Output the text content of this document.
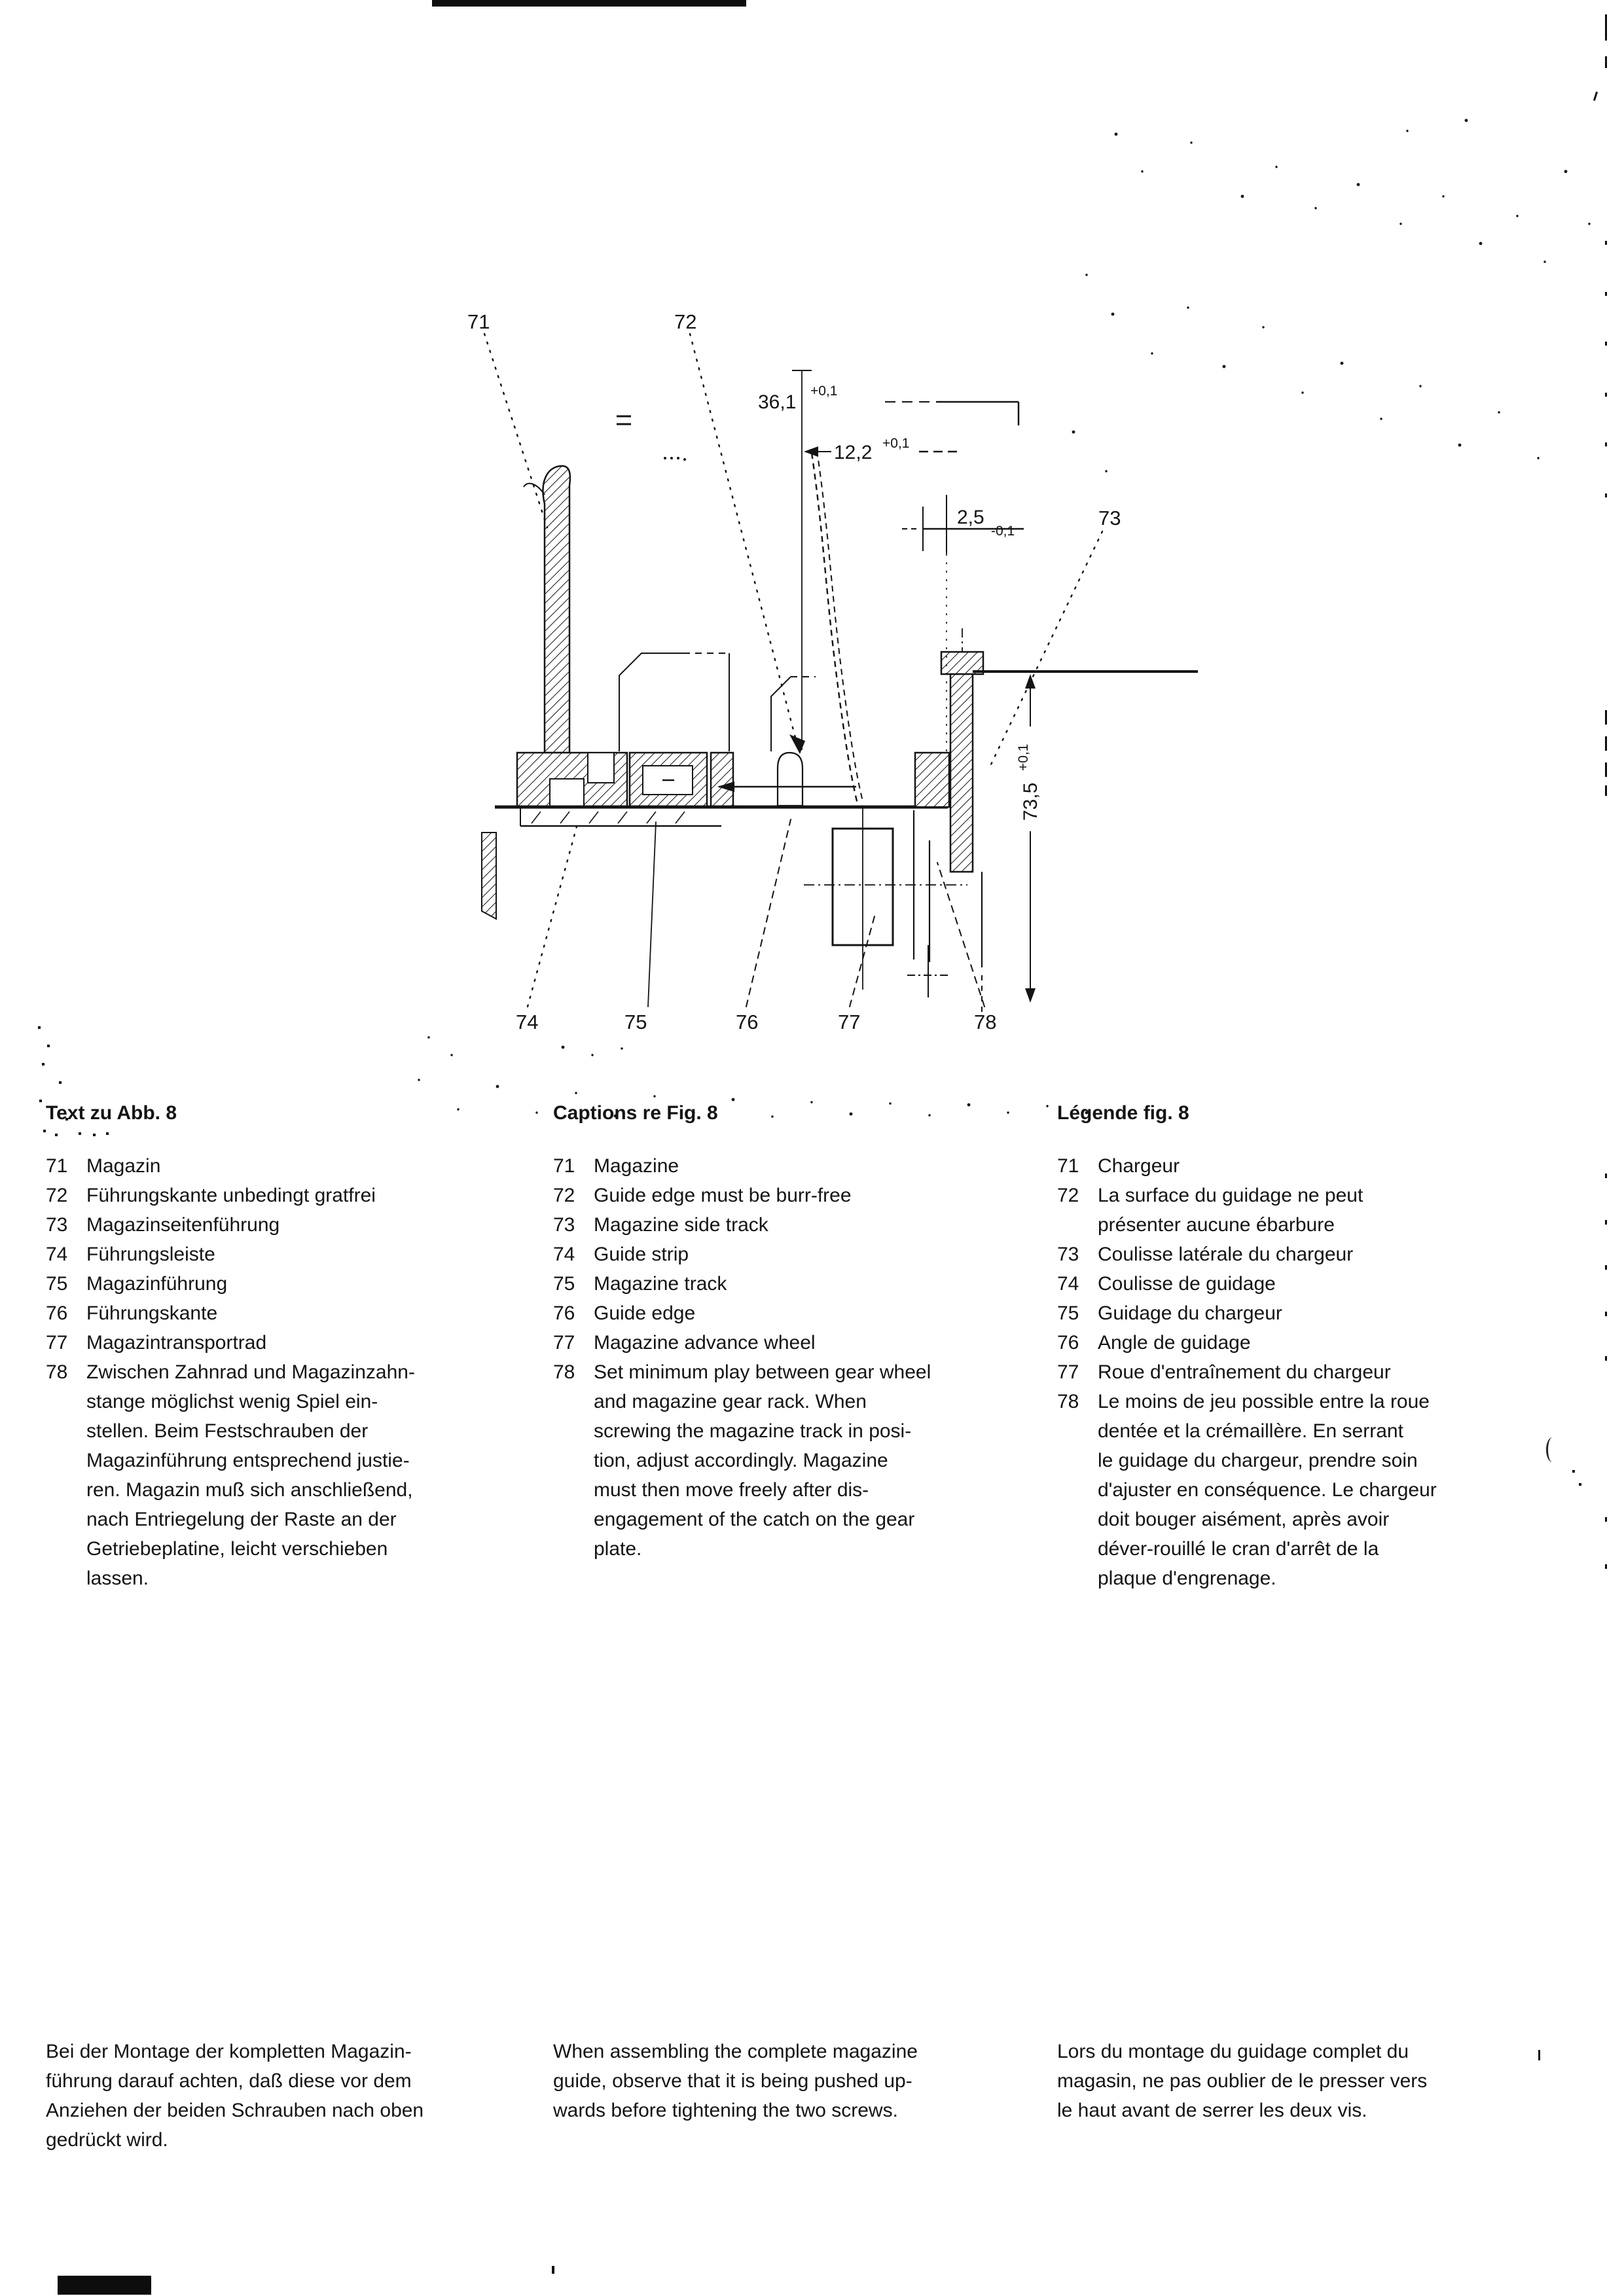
36,1
+0,1
12,2 +0,1
2,5
-0,1
73,5
+0,1
71	72
73
74	75	76	77	78
Text zu Abb. 8
71 Magazin
72 Führungskante unbedingt gratfrei
73 Magazinseitenführung
74 Führungsleiste
75 Magazinführung
76 Führungskante
77 Magazintransportrad
78 Zwischen Zahnrad und Magazinzahn-
stange möglichst wenig Spiel ein-
stellen. Beim Festschrauben der
Magazinführung entsprechend justie-
ren. Magazin muß sich anschließend,
nach Entriegelung der Raste an der
Getriebeplatine, leicht verschieben
lassen.
Bei der Montage der kompletten Magazin-
führung darauf achten, daß diese vor dem
Anziehen der beiden Schrauben nach oben
gedrückt wird.
Captions re Fig. 8
71 Magazine
72 Guide edge must be burr-free
73 Magazine side track
74 Guide strip
75 Magazine track
76 Guide edge
77 Magazine advance wheel
78 Set minimum play between gear wheel
and magazine gear rack. When
screwing the magazine track in posi-
tion, adjust accordingly. Magazine
must then move freely after dis-
engagement of the catch on the gear
plate.
When assembling the complete magazine
guide, observe that it is being pushed up-
wards before tightening the two screws.
Légende fig. 8
71 Chargeur
72 La surface du guidage ne peut
présenter aucune ébarbure
73 Coulisse latérale du chargeur
74 Coulisse de guidage
75 Guidage du chargeur
76 Angle de guidage
77 Roue d'entraînement du chargeur
78 Le moins de jeu possible entre la roue
dentée et la crémaillère. En serrant
le guidage du chargeur, prendre soin
d'ajuster en conséquence. Le chargeur
doit bouger aisément, après avoir
déver-rouillé le cran d'arrêt de la
plaque d'engrenage.
Lors du montage du guidage complet du
magasin, ne pas oublier de le presser vers
le haut avant de serrer les deux vis.
